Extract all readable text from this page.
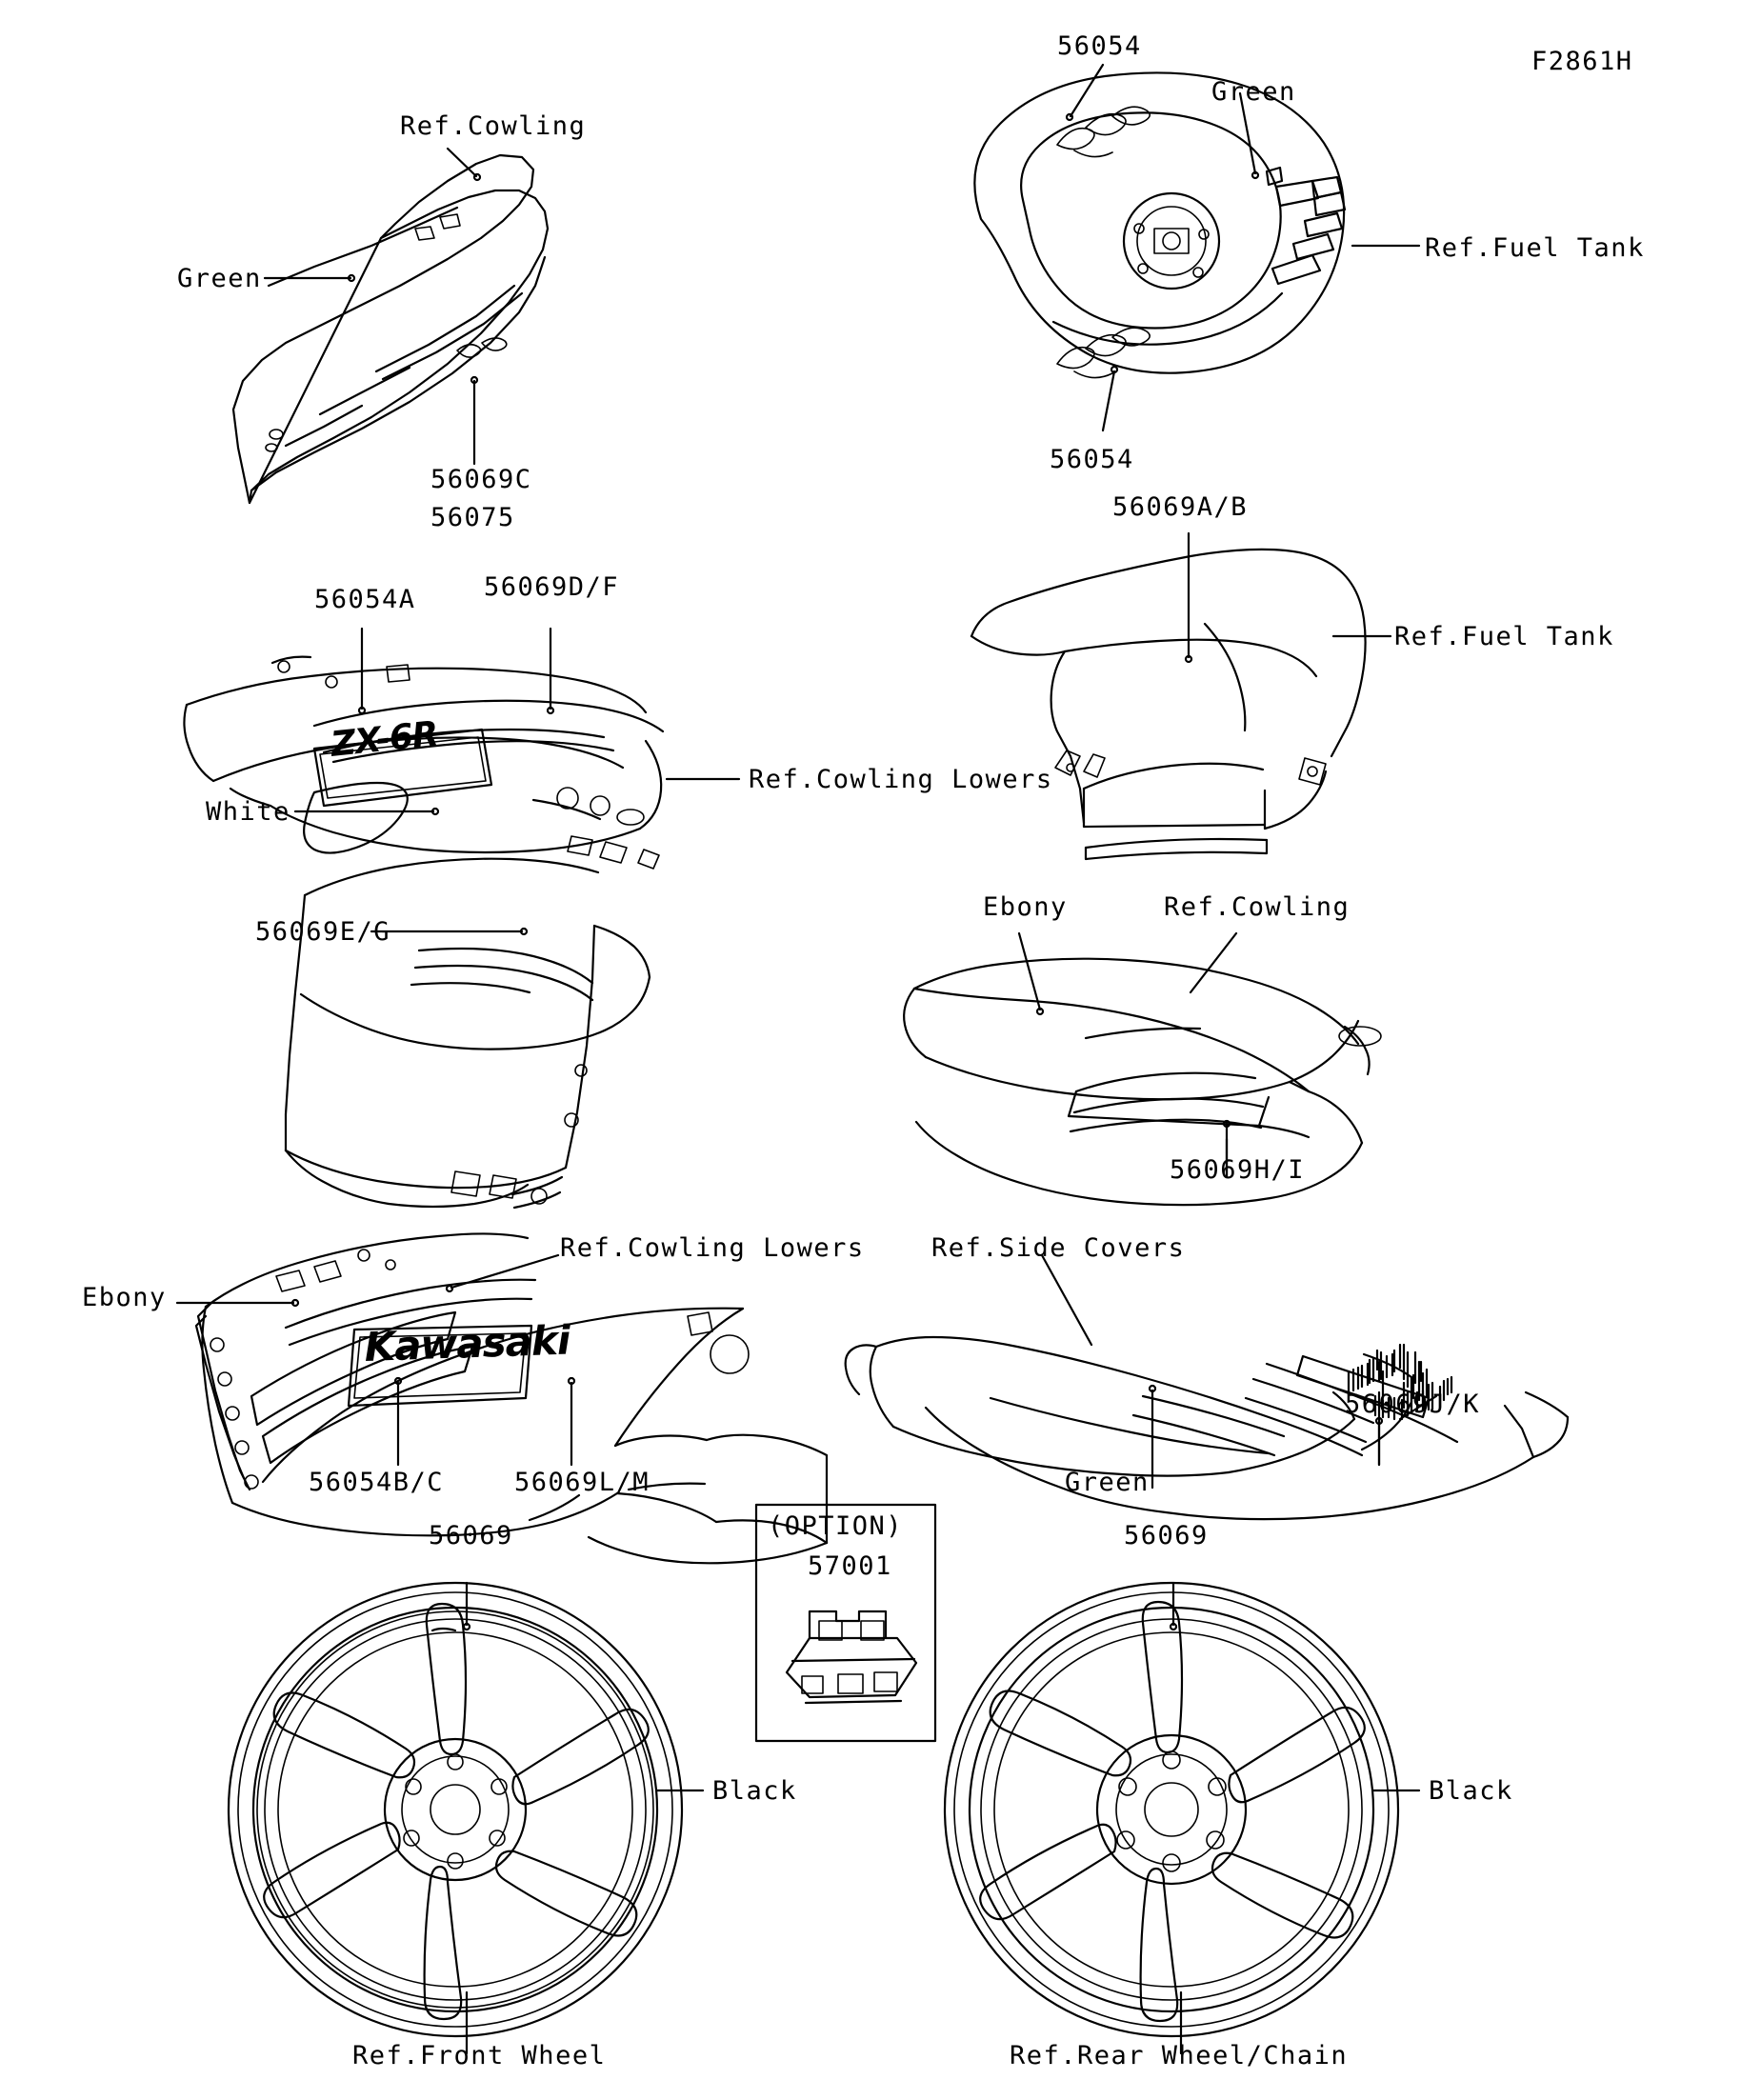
F2861H
Ref.Cowling
Green
56069C
56075
56054
Green
Ref.Fuel Tank
56054
56069A/B
Ref.Fuel Tank
56054A	56069D/F
Ref.Cowling Lowers
White
56069E/G
Ebony	Ref.Cowling
56069H/I
Ref.Cowling Lowers
Ebony
56054B/C	56069L/M
Ref.Side Covers
56069J/K
Green
(OPTION)
57001
56069
Black
Ref.Front Wheel
56069
Black
Ref.Rear Wheel/Chain
ZX-6R
Kawasaki
